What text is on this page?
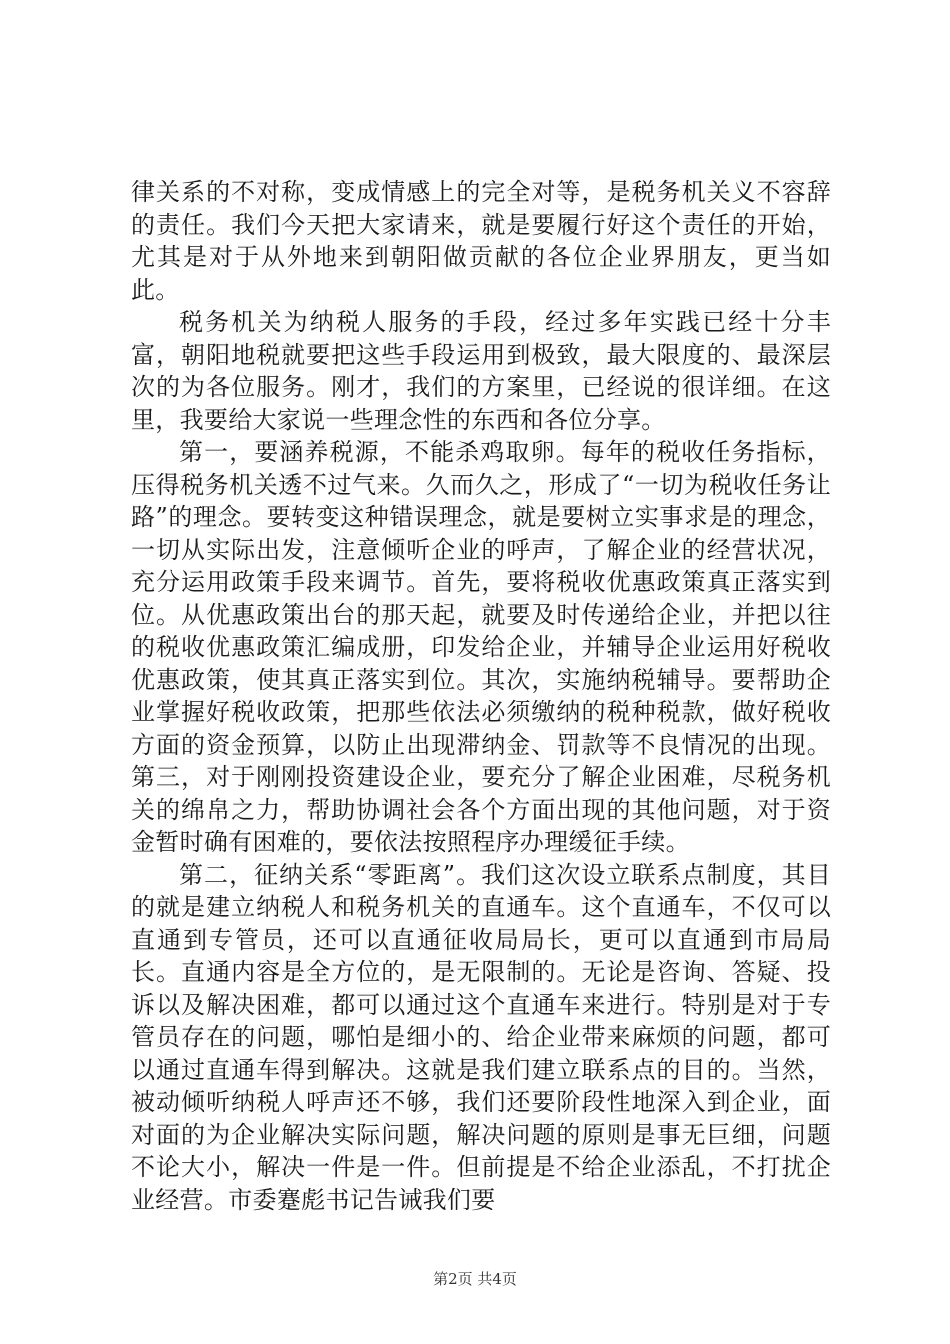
律关系的不对称，变成情感上的完全对等，是税务机关义不容辞的责任。我们今天把大家请来，就是要履行好这个责任的开始，尤其是对于从外地来到朝阳做贡献的各位企业界朋友，更当如此。

税务机关为纳税人服务的手段，经过多年实践已经十分丰富，朝阳地税就要把这些手段运用到极致，最大限度的、最深层次的为各位服务。刚才，我们的方案里，已经说的很详细。在这里，我要给大家说一些理念性的东西和各位分享。

第一，要涵养税源，不能杀鸡取卵。每年的税收任务指标，压得税务机关透不过气来。久而久之，形成了“一切为税收任务让路”的理念。要转变这种错误理念，就是要树立实事求是的理念，一切从实际出发，注意倾听企业的呼声，了解企业的经营状况，充分运用政策手段来调节。首先，要将税收优惠政策真正落实到位。从优惠政策出台的那天起，就要及时传递给企业，并把以往的税收优惠政策汇编成册，印发给企业，并辅导企业运用好税收优惠政策，使其真正落实到位。其次，实施纳税辅导。要帮助企业掌握好税收政策，把那些依法必须缴纳的税种税款，做好税收方面的资金预算，以防止出现滞纳金、罚款等不良情况的出现。第三，对于刚刚投资建设企业，要充分了解企业困难，尽税务机关的绵帛之力，帮助协调社会各个方面出现的其他问题，对于资金暂时确有困难的，要依法按照程序办理缓征手续。

第二，征纳关系“零距离”。我们这次设立联系点制度，其目的就是建立纳税人和税务机关的直通车。这个直通车，不仅可以直通到专管员，还可以直通征收局局长，更可以直通到市局局长。直通内容是全方位的，是无限制的。无论是咨询、答疑、投诉以及解决困难，都可以通过这个直通车来进行。特别是对于专管员存在的问题，哪怕是细小的、给企业带来麻烦的问题，都可以通过直通车得到解决。这就是我们建立联系点的目的。当然，被动倾听纳税人呼声还不够，我们还要阶段性地深入到企业，面对面的为企业解决实际问题，解决问题的原则是事无巨细，问题不论大小，解决一件是一件。但前提是不给企业添乱，不打扰企业经营。市委蹇彪书记告诫我们要

第2页 共4页
